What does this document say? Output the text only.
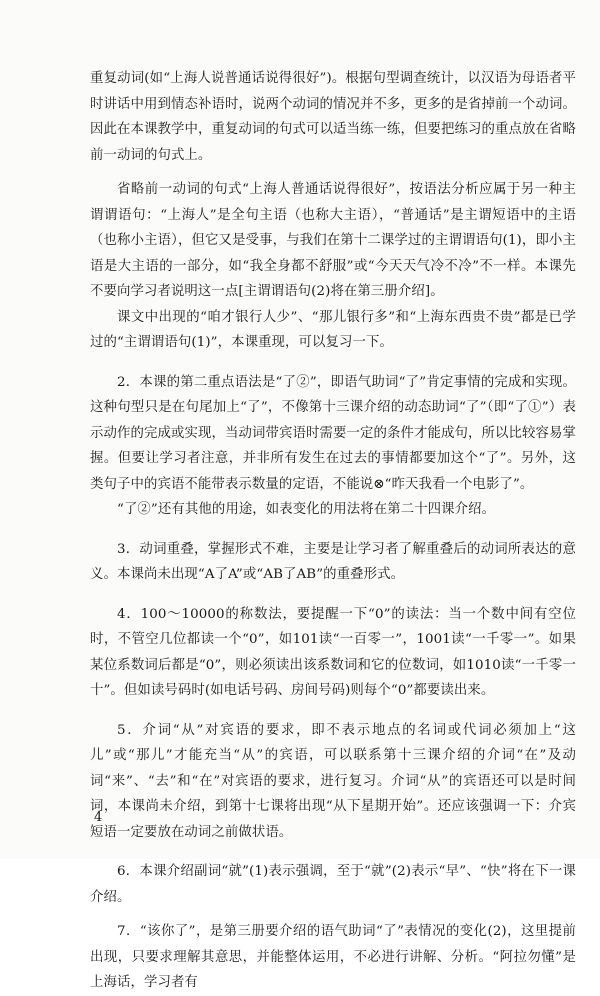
重复动词(如“上海人说普通话说得很好”)。根据句型调查统计，以汉语为母语者平时讲话中用到情态补语时，说两个动词的情况并不多，更多的是省掉前一个动词。因此在本课教学中，重复动词的句式可以适当练一练，但要把练习的重点放在省略前一动词的句式上。

省略前一动词的句式“上海人普通话说得很好”，按语法分析应属于另一种主谓谓语句：“上海人”是全句主语（也称大主语），“普通话”是主谓短语中的主语（也称小主语），但它又是受事，与我们在第十二课学过的主谓谓语句(1)，即小主语是大主语的一部分，如“我全身都不舒服”或“今天天气冷不冷”不一样。本课先不要向学习者说明这一点[主谓谓语句(2)将在第三册介绍]。

课文中出现的“咱才银行人少”、“那儿银行多”和“上海东西贵不贵”都是已学过的“主谓谓语句(1)”，本课重现，可以复习一下。

2．本课的第二重点语法是“了②”，即语气助词“了”肯定事情的完成和实现。这种句型只是在句尾加上“了”，不像第十三课介绍的动态助词“了”（即“了①”）表示动作的完成或实现，当动词带宾语时需要一定的条件才能成句，所以比较容易掌握。但要让学习者注意，并非所有发生在过去的事情都要加这个“了”。另外，这类句子中的宾语不能带表示数量的定语，不能说⊗“昨天我看一个电影了”。

“了②”还有其他的用途，如表变化的用法将在第二十四课介绍。

3．动词重叠，掌握形式不难，主要是让学习者了解重叠后的动词所表达的意义。本课尚未出现“A了A”或“AB了AB”的重叠形式。

4．100～10000的称数法，要提醒一下“0”的读法：当一个数中间有空位时，不管空几位都读一个“0”，如101读“一百零一”，1001读“一千零一”。如果某位系数词后都是“0”，则必须读出该系数词和它的位数词，如1010读“一千零一十”。但如读号码时(如电话号码、房间号码)则每个“0”都要读出来。

5．介词“从”对宾语的要求，即不表示地点的名词或代词必须加上“这儿”或“那儿”才能充当“从”的宾语，可以联系第十三课介绍的介词“在”及动词“来”、“去”和“在”对宾语的要求，进行复习。介词“从”的宾语还可以是时间词，本课尚未介绍，到第十七课将出现“从下星期开始”。还应该强调一下：介宾短语一定要放在动词之前做状语。

6．本课介绍副词“就”(1)表示强调，至于“就”(2)表示“早”、“快”将在下一课介绍。

7．“该你了”，是第三册要介绍的语气助词“了”表情况的变化(2)，这里提前出现，只要求理解其意思，并能整体运用，不必进行讲解、分析。“阿拉勿懂”是上海话，学习者有

4
